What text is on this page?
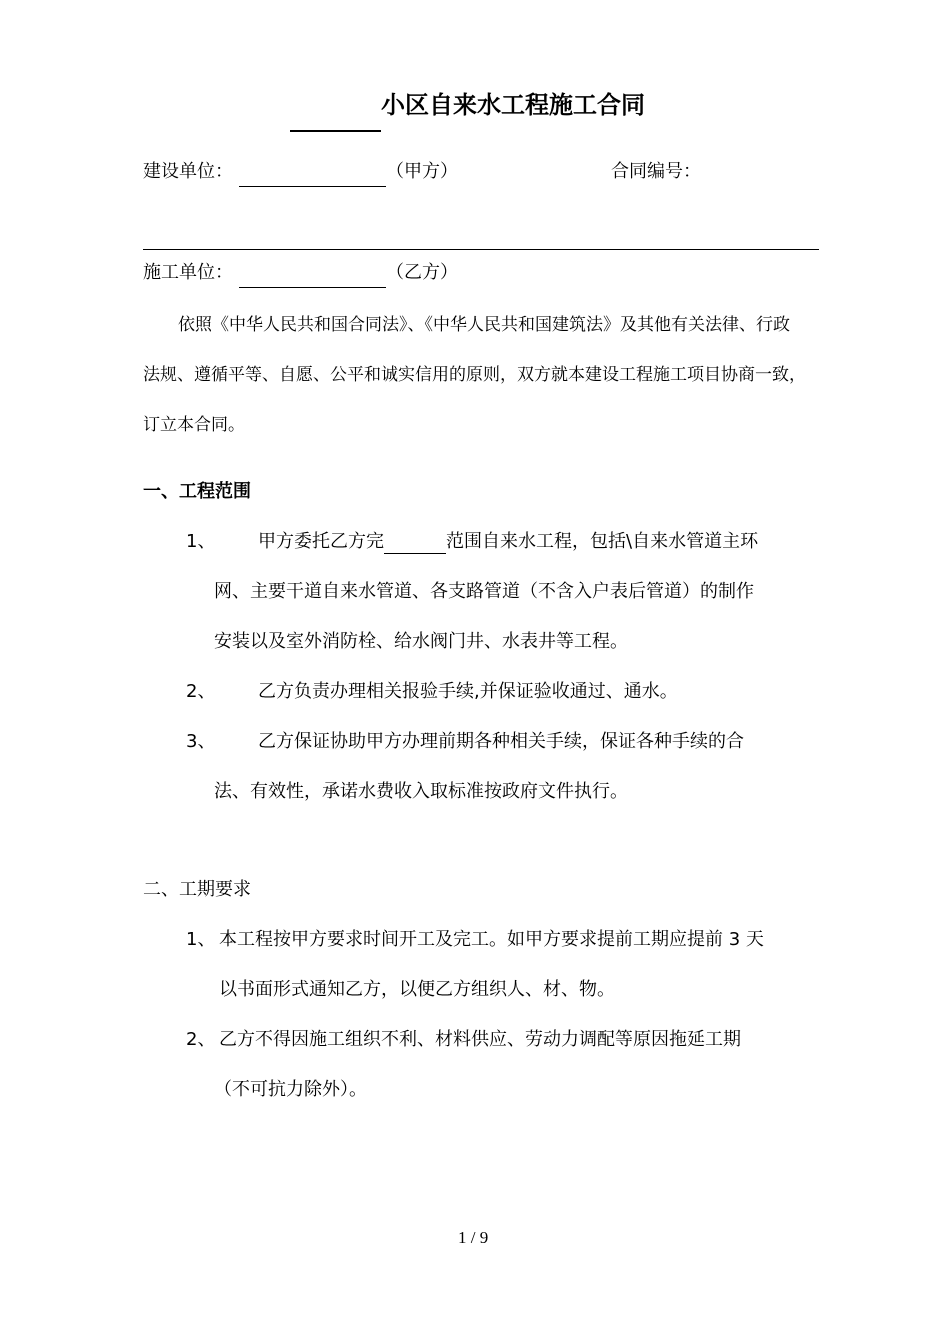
小区自来水工程施工合同
建设单位：	（甲方）	合同编号：
施工单位：	（乙方）
依照《中华人民共和国合同法》、《中华人民共和国建筑法》及其他有关法律、行政
法规、遵循平等、自愿、公平和诚实信用的原则，双方就本建设工程施工项目协商一致，
订立本合同。
一、工程范围
1、 甲方委托乙方完	范围自来水工程，包括\自来水管道主环
网、主要干道自来水管道、各支路管道（不含入户表后管道）的制作
安装以及室外消防栓、给水阀门井、水表井等工程。
2、 乙方负责办理相关报验手续,并保证验收通过、通水。
3、 乙方保证协助甲方办理前期各种相关手续，保证各种手续的合
法、有效性，承诺水费收入取标准按政府文件执行。
二、工期要求
1、 本工程按甲方要求时间开工及完工。如甲方要求提前工期应提前 3 天
以书面形式通知乙方，以便乙方组织人、材、物。
2、 乙方不得因施工组织不利、材料供应、劳动力调配等原因拖延工期
（不可抗力除外）。
1 / 9
